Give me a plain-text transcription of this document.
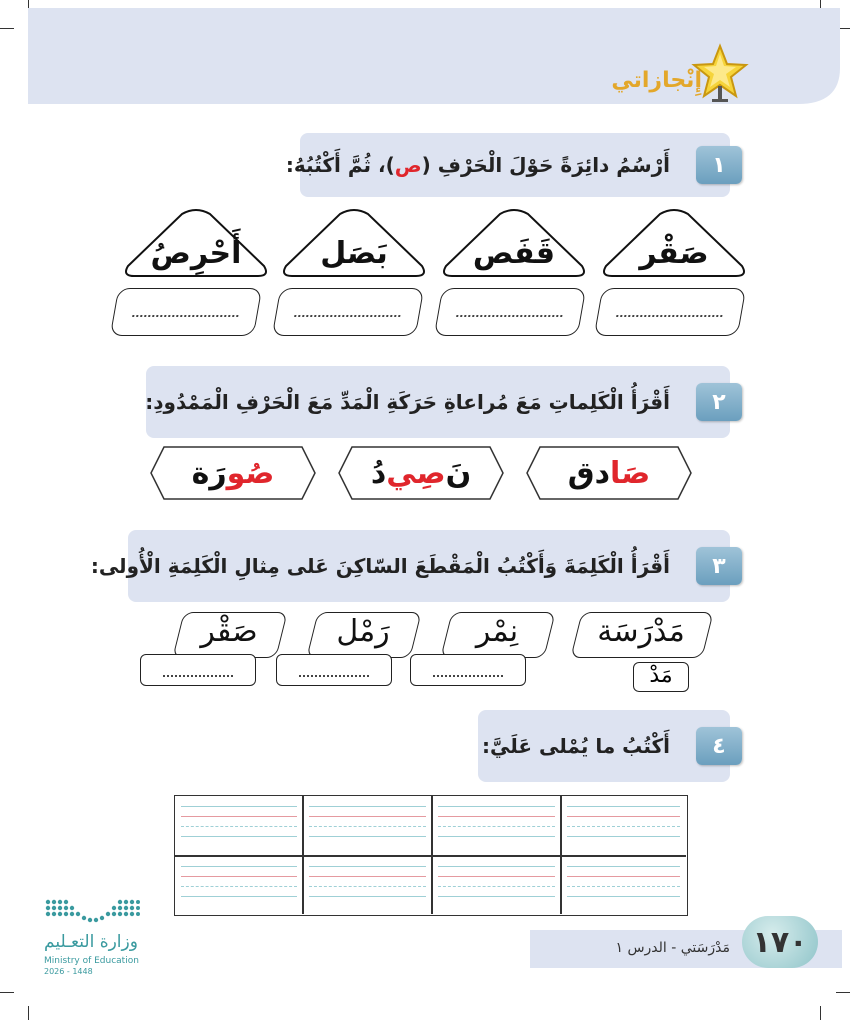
إِنْجازاتي
١
أَرْسُمُ دائِرَةً حَوْلَ الْحَرْفِ (ص)، ثُمَّ أَكْتُبُهُ:
صَقْر
قَفَص
بَصَل
أَحْرِصُ
٢
أَقْرَأُ الْكَلِماتِ مَعَ مُراعاةِ حَرَكَةِ الْمَدِّ مَعَ الْحَرْفِ الْمَمْدُودِ:
صَا
دق
نَ
صِي
دُ
صُو
رَة
٣
أَقْرَأُ الْكَلِمَةَ وَأَكْتُبُ الْمَقْطَعَ السّاكِنَ عَلى مِثالِ الْكَلِمَةِ الْأُولى:
مَدْرَسَة
مَدْ
نِمْر
رَمْل
صَقْر
٤
أَكْتُبُ ما يُمْلى عَلَيَّ:
مَدْرَسَتي - الدرس ١ ١٧٠
وزارة التعـليم
Ministry of Education
2026 - 1448
